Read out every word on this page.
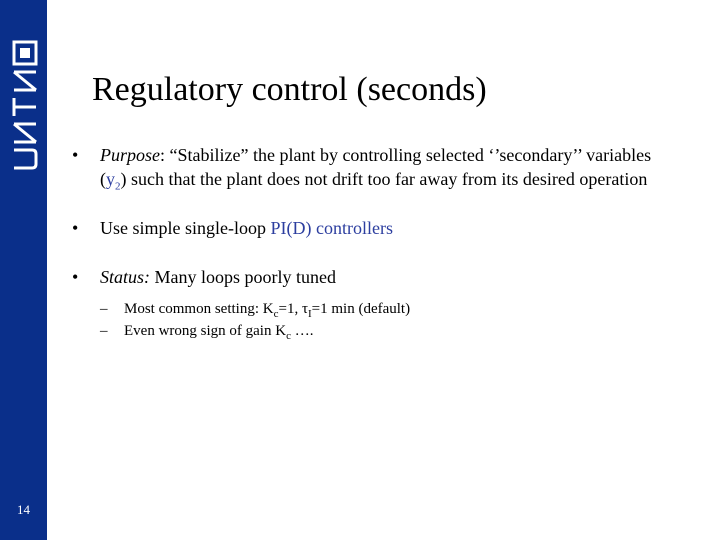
14
Regulatory control (seconds)
•	Purpose: “Stabilize” the plant by controlling selected ‘’secondary’’ variables $(y_2)$ such that the plant does not drift too far away from its desired operation
•	Use simple single-loop PI(D) controllers
•	Status: Many loops poorly tuned
–	Most common setting: $K_c=1$, $\tau_I=1$ min (default)
–	Even wrong sign of gain $K_c$ ….
